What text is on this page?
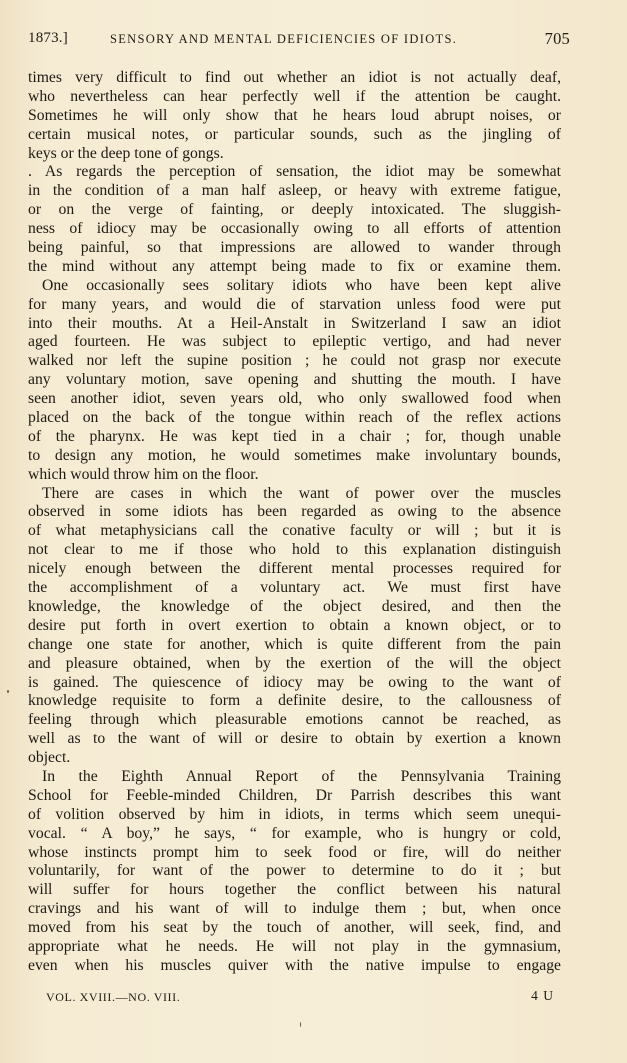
1873.]	SENSORY AND MENTAL DEFICIENCIES OF IDIOTS.	705
times very difficult to find out whether an idiot is not actually deaf,
who nevertheless can hear perfectly well if the attention be caught.
Sometimes he will only show that he hears loud abrupt noises, or
certain musical notes, or particular sounds, such as the jingling of
keys or the deep tone of gongs.
. As regards the perception of sensation, the idiot may be somewhat
in the condition of a man half asleep, or heavy with extreme fatigue,
or on the verge of fainting, or deeply intoxicated. The sluggish-
ness of idiocy may be occasionally owing to all efforts of attention
being painful, so that impressions are allowed to wander through
the mind without any attempt being made to fix or examine them.
One occasionally sees solitary idiots who have been kept alive
for many years, and would die of starvation unless food were put
into their mouths. At a Heil-Anstalt in Switzerland I saw an idiot
aged fourteen. He was subject to epileptic vertigo, and had never
walked nor left the supine position ; he could not grasp nor execute
any voluntary motion, save opening and shutting the mouth. I have
seen another idiot, seven years old, who only swallowed food when
placed on the back of the tongue within reach of the reflex actions
of the pharynx. He was kept tied in a chair ; for, though unable
to design any motion, he would sometimes make involuntary bounds,
which would throw him on the floor.
There are cases in which the want of power over the muscles
observed in some idiots has been regarded as owing to the absence
of what metaphysicians call the conative faculty or will ; but it is
not clear to me if those who hold to this explanation distinguish
nicely enough between the different mental processes required for
the accomplishment of a voluntary act. We must first have
knowledge, the knowledge of the object desired, and then the
desire put forth in overt exertion to obtain a known object, or to
change one state for another, which is quite different from the pain
and pleasure obtained, when by the exertion of the will the object
is gained. The quiescence of idiocy may be owing to the want of
knowledge requisite to form a definite desire, to the callousness of
feeling through which pleasurable emotions cannot be reached, as
well as to the want of will or desire to obtain by exertion a known
object.
In the Eighth Annual Report of the Pennsylvania Training
School for Feeble-minded Children, Dr Parrish describes this want
of volition observed by him in idiots, in terms which seem unequi-
vocal. “ A boy,” he says, “ for example, who is hungry or cold,
whose instincts prompt him to seek food or fire, will do neither
voluntarily, for want of the power to determine to do it ; but
will suffer for hours together the conflict between his natural
cravings and his want of will to indulge them ; but, when once
moved from his seat by the touch of another, will seek, find, and
appropriate what he needs. He will not play in the gymnasium,
even when his muscles quiver with the native impulse to engage
VOL. XVIII.—NO. VIII.	4 U
